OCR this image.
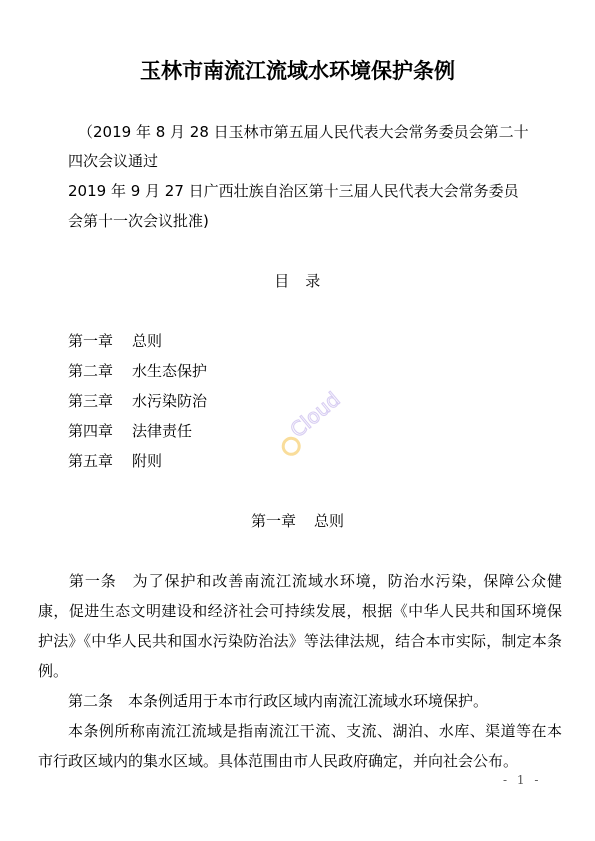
玉林市南流江流域水环境保护条例
（2019 年 8 月 28 日玉林市第五届人民代表大会常务委员会第二十
四次会议通过
2019 年 9 月 27 日广西壮族自治区第十三届人民代表大会常务委员
会第十一次会议批准)
目　录
第一章 总则
第二章 水生态保护
第三章 水污染防治
第四章 法律责任
第五章 附则
Cloud
第一章 总则

第一条　为了保护和改善南流江流域水环境，防治水污染，保障公众健康，促进生态文明建设和经济社会可持续发展，根据《中华人民共和国环境保护法》《中华人民共和国水污染防治法》等法律法规，结合本市实际，制定本条例。

第二条　本条例适用于本市行政区域内南流江流域水环境保护。

本条例所称南流江流域是指南流江干流、支流、湖泊、水库、渠道等在本市行政区域内的集水区域。具体范围由市人民政府确定，并向社会公布。

- 1 -
